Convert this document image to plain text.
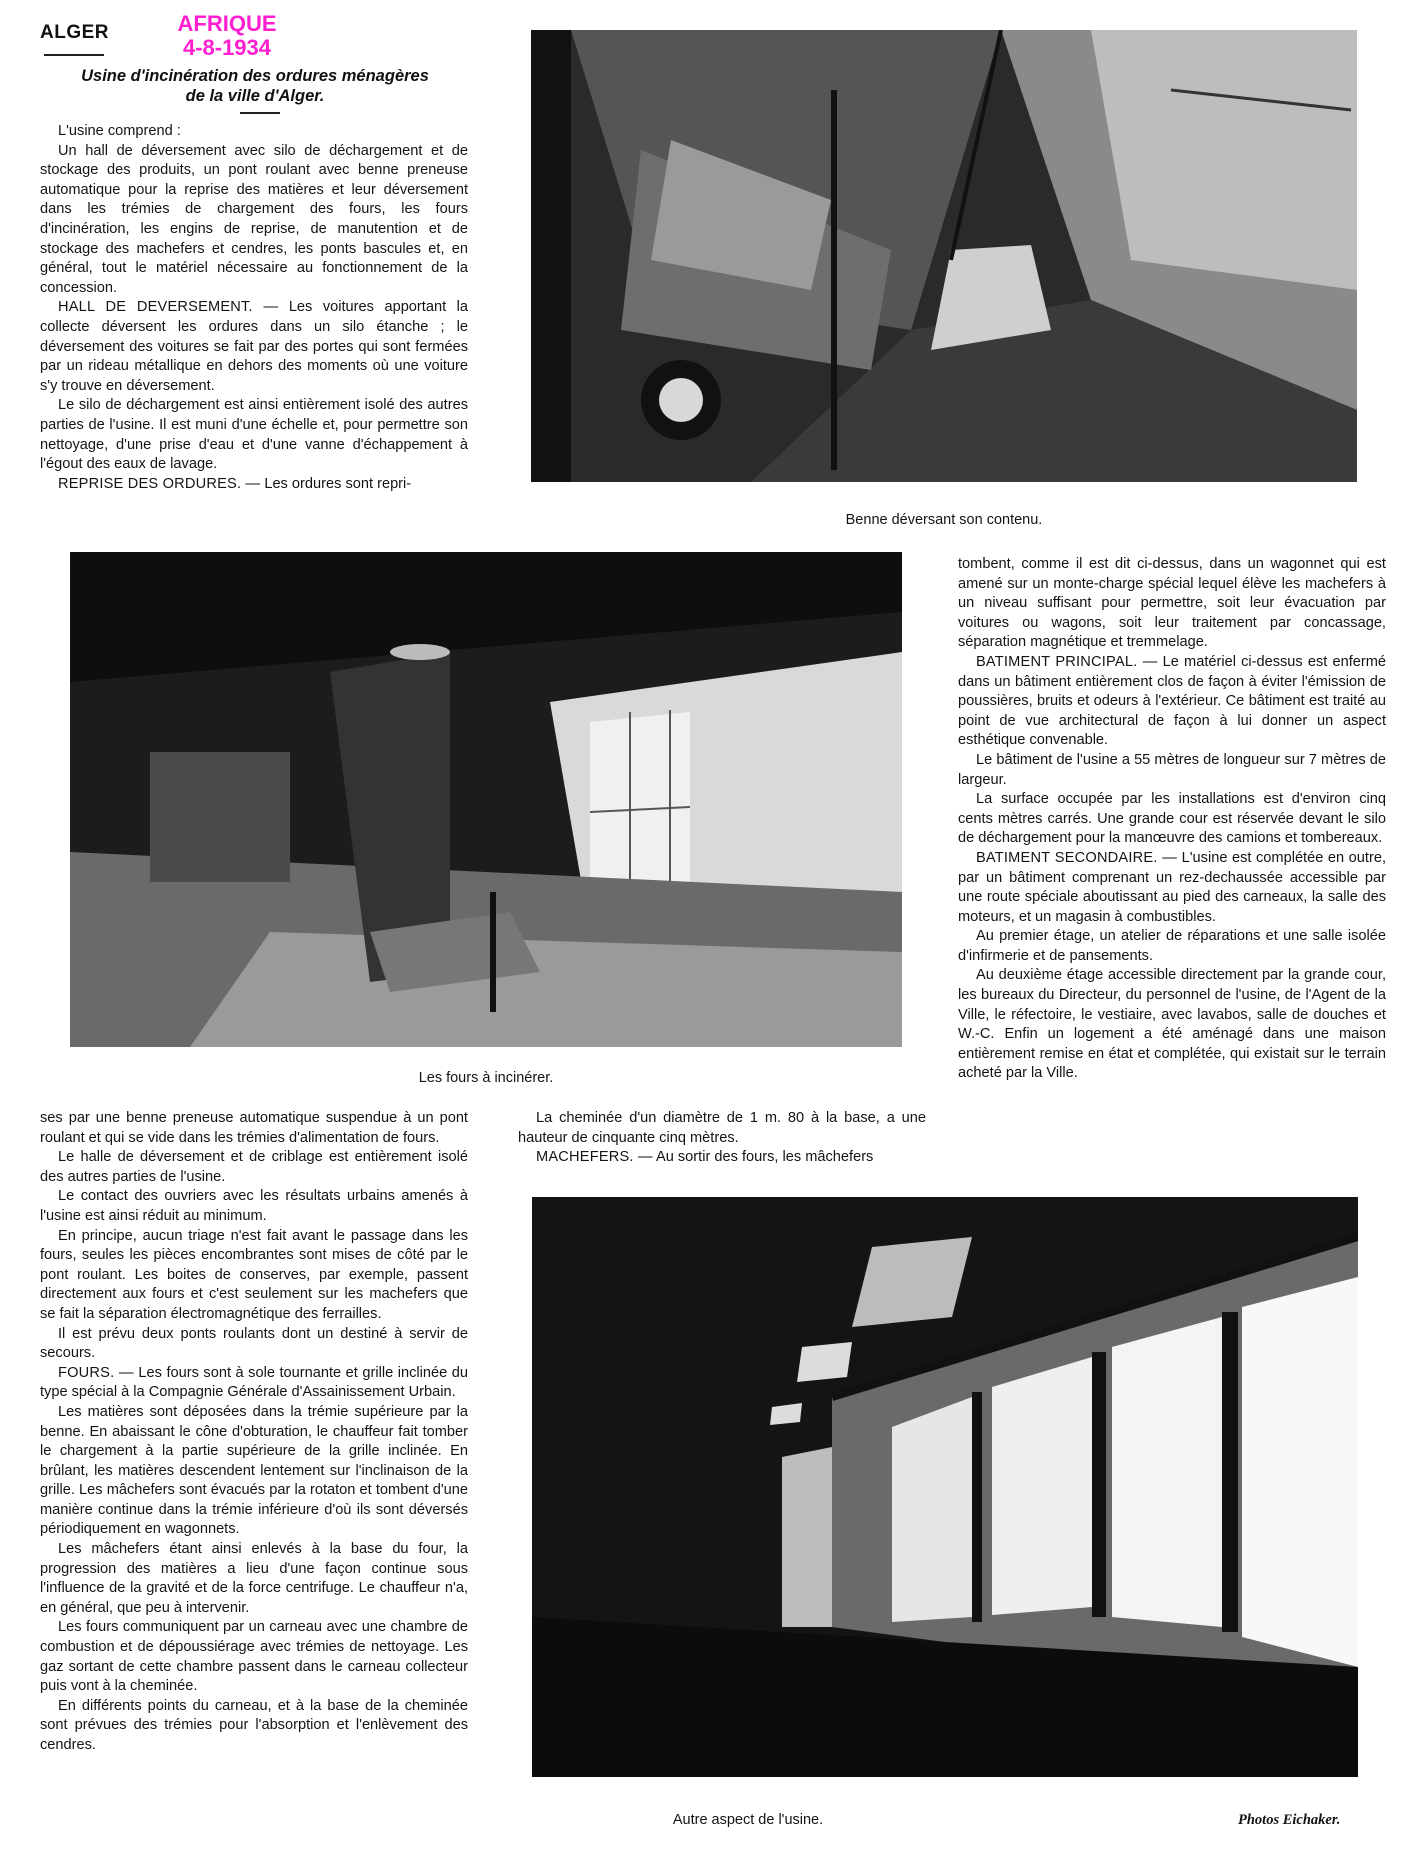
ALGER	AFRIQUE
4-8-1934
Usine d'incinération des ordures ménagères
de la ville d'Alger.

L'usine comprend :

Un hall de déversement avec silo de déchargement et de stockage des produits, un pont roulant avec benne preneuse automatique pour la reprise des matières et leur déversement dans les trémies de chargement des fours, les fours d'incinération, les engins de reprise, de manutention et de stockage des machefers et cendres, les ponts bascules et, en général, tout le matériel nécessaire au fonctionnement de la concession.

HALL DE DEVERSEMENT. — Les voitures apportant la collecte déversent les ordures dans un silo étanche ; le déversement des voitures se fait par des portes qui sont fermées par un rideau métallique en dehors des moments où une voiture s'y trouve en déversement.

Le silo de déchargement est ainsi entièrement isolé des autres parties de l'usine. Il est muni d'une échelle et, pour permettre son nettoyage, d'une prise d'eau et d'une vanne d'échappement à l'égout des eaux de lavage.

REPRISE DES ORDURES. — Les ordures sont repri-

Benne déversant son contenu.
Les fours à incinérer.

tombent, comme il est dit ci-dessus, dans un wagonnet qui est amené sur un monte-charge spécial lequel élève les machefers à un niveau suffisant pour permettre, soit leur évacuation par voitures ou wagons, soit leur traitement par concassage, séparation magnétique et tremmelage.

BATIMENT PRINCIPAL. — Le matériel ci-dessus est enfermé dans un bâtiment entièrement clos de façon à éviter l'émission de poussières, bruits et odeurs à l'extérieur. Ce bâtiment est traité au point de vue architectural de façon à lui donner un aspect esthétique convenable.

Le bâtiment de l'usine a 55 mètres de longueur sur 7 mètres de largeur.

La surface occupée par les installations est d'environ cinq cents mètres carrés. Une grande cour est réservée devant le silo de déchargement pour la manœuvre des camions et tombereaux.

BATIMENT SECONDAIRE. — L'usine est complétée en outre, par un bâtiment comprenant un rez-dechaussée accessible par une route spéciale aboutissant au pied des carneaux, la salle des moteurs, et un magasin à combustibles.

Au premier étage, un atelier de réparations et une salle isolée d'infirmerie et de pansements.

Au deuxième étage accessible directement par la grande cour, les bureaux du Directeur, du personnel de l'usine, de l'Agent de la Ville, le réfectoire, le vestiaire, avec lavabos, salle de douches et W.-C. Enfin un logement a été aménagé dans une maison entièrement remise en état et complétée, qui existait sur le terrain acheté par la Ville.

La cheminée d'un diamètre de 1 m. 80 à la base, a une hauteur de cinquante cinq mètres.

MACHEFERS. — Au sortir des fours, les mâchefers

ses par une benne preneuse automatique suspendue à un pont roulant et qui se vide dans les trémies d'alimentation de fours.

Le halle de déversement et de criblage est entièrement isolé des autres parties de l'usine.

Le contact des ouvriers avec les résultats urbains amenés à l'usine est ainsi réduit au minimum.

En principe, aucun triage n'est fait avant le passage dans les fours, seules les pièces encombrantes sont mises de côté par le pont roulant. Les boites de conserves, par exemple, passent directement aux fours et c'est seulement sur les machefers que se fait la séparation électromagnétique des ferrailles.

Il est prévu deux ponts roulants dont un destiné à servir de secours.

FOURS. — Les fours sont à sole tournante et grille inclinée du type spécial à la Compagnie Générale d'Assainissement Urbain.

Les matières sont déposées dans la trémie supérieure par la benne. En abaissant le cône d'obturation, le chauffeur fait tomber le chargement à la partie supérieure de la grille inclinée. En brûlant, les matières descendent lentement sur l'inclinaison de la grille. Les mâchefers sont évacués par la rotaton et tombent d'une manière continue dans la trémie inférieure d'où ils sont déversés périodiquement en wagonnets.

Les mâchefers étant ainsi enlevés à la base du four, la progression des matières a lieu d'une façon continue sous l'influence de la gravité et de la force centrifuge. Le chauffeur n'a, en général, que peu à intervenir.

Les fours communiquent par un carneau avec une chambre de combustion et de dépoussiérage avec trémies de nettoyage. Les gaz sortant de cette chambre passent dans le carneau collecteur puis vont à la cheminée.

En différents points du carneau, et à la base de la cheminée sont prévues des trémies pour l'absorption et l'enlèvement des cendres.

Autre aspect de l'usine.	Photos Eichaker.
